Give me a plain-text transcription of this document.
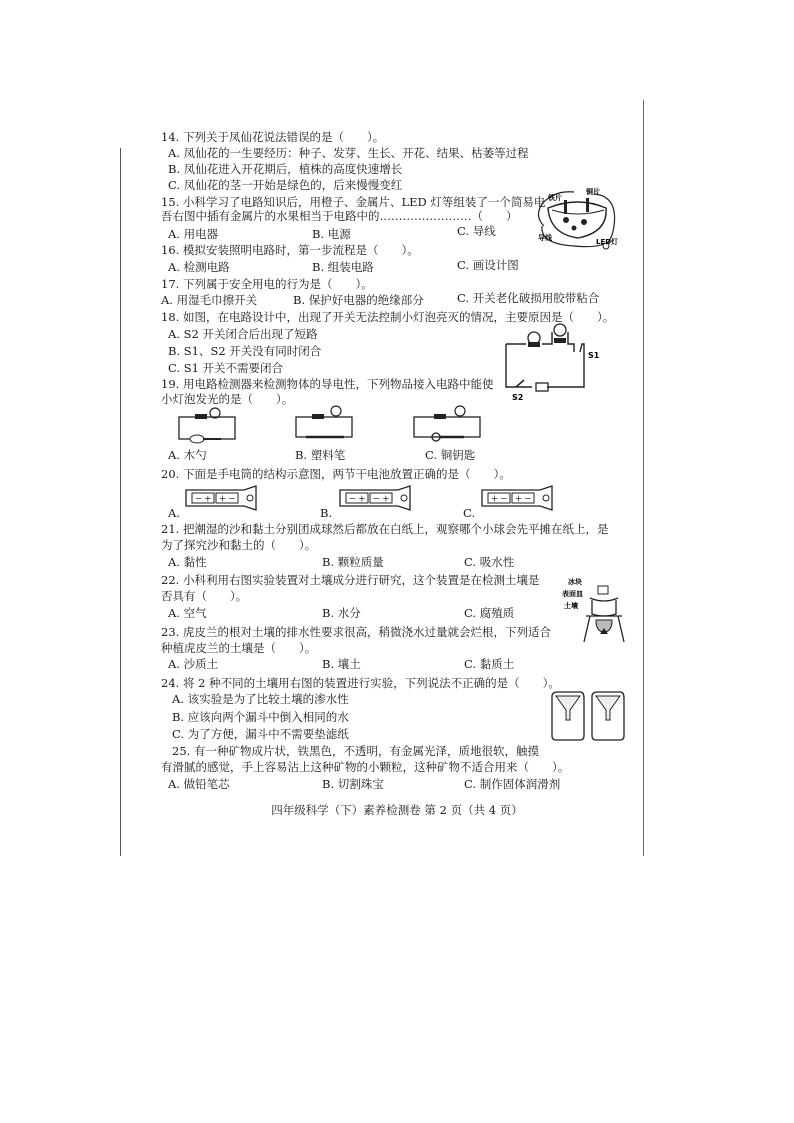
14. 下列关于凤仙花说法错误的是（　　）。
A. 凤仙花的一生要经历：种子、发芽、生长、开花、结果、枯萎等过程
B. 凤仙花进入开花期后，植株的高度快速增长
C. 凤仙花的茎一开始是绿色的，后来慢慢变红
15. 小科学习了电路知识后，用橙子、金属片、LED 灯等组装了一个简易电
吾右图中插有金属片的水果相当于电路中的……………………（　　）
A. 用电器	B. 电源	C. 导线
铁片
铜片
导线	LED灯
16. 模拟安装照明电路时，第一步流程是（　　）。
A. 检测电路	B. 组装电路	C. 画设计图
17. 下列属于安全用电的行为是（　　）。
A. 用湿毛巾擦开关	B. 保护好电器的绝缘部分	C. 开关老化破损用胶带粘合
18. 如图，在电路设计中，出现了开关无法控制小灯泡亮灭的情况，主要原因是（　　）。
A. S2 开关闭合后出现了短路
B. S1、S2 开关没有同时闭合
C. S1 开关不需要闭合
S1
S2
19. 用电路检测器来检测物体的导电性，下列物品接入电路中能使
小灯泡发光的是（　　）。
A. 木勺	B. 塑料笔	C. 铜钥匙
20. 下面是手电筒的结构示意图，两节干电池放置正确的是（　　）。
A.	B.	C.
－ ＋ ＋ －	－ ＋ － ＋	＋ － ＋ －
21. 把潮湿的沙和黏土分别团成球然后都放在白纸上，观察哪个小球会先平摊在纸上，是
为了探究沙和黏土的（　　）。
A. 黏性	B. 颗粒质量	C. 吸水性
22. 小科利用右图实验装置对土壤成分进行研究，这个装置是在检测土壤是
否具有（　　）。
A. 空气	B. 水分	C. 腐殖质
冰块
表面皿
土壤
23. 虎皮兰的根对土壤的排水性要求很高，稍微浇水过量就会烂根，下列适合
种植虎皮兰的土壤是（　　）。
A. 沙质土	B. 壤土	C. 黏质土
24. 将 2 种不同的土壤用右图的装置进行实验，下列说法不正确的是（　　）。
A. 该实验是为了比较土壤的渗水性
B. 应该向两个漏斗中倒入相同的水
C. 为了方便，漏斗中不需要垫滤纸
25. 有一种矿物成片状，铁黑色，不透明，有金属光泽，质地很软，触摸
有滑腻的感觉，手上容易沾上这种矿物的小颗粒，这种矿物不适合用来（　　）。
A. 做铅笔芯	B. 切割珠宝	C. 制作固体润滑剂
四年级科学（下）素养检测卷 第 2 页（共 4 页）
